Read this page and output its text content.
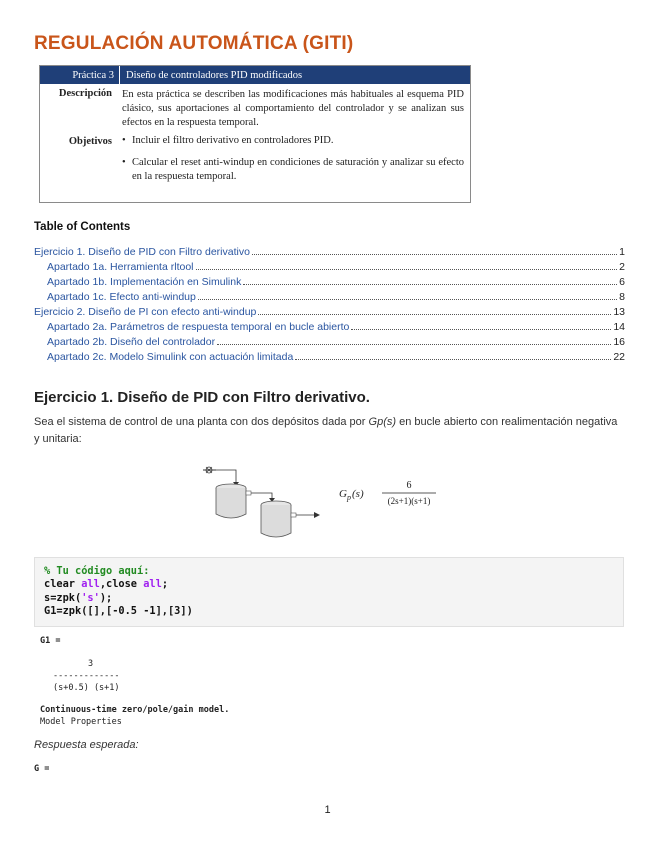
REGULACIÓN AUTOMÁTICA (GITI)
Práctica 3	Diseño de controladores PID modificados
Descripción En esta práctica se describen las modificaciones más habituales al esquema PID clásico, sus aportaciones al comportamiento del controlador y se analizan sus efectos en la respuesta temporal.
Objetivos • Incluir el filtro derivativo en controladores PID.
• Calcular el reset anti-windup en condiciones de saturación y analizar su efecto en la respuesta temporal.
Table of Contents
Ejercicio 1. Diseño de PID con Filtro derivativo	1
Apartado 1a. Herramienta rltool	2
Apartado 1b. Implementación en Simulink	6
Apartado 1c. Efecto anti-windup	8
Ejercicio 2. Diseño de PI con efecto anti-windup	13
Apartado 2a. Parámetros de respuesta temporal en bucle abierto	14
Apartado 2b. Diseño del controlador	16
Apartado 2c. Modelo Simulink con actuación limitada	22
Ejercicio 1. Diseño de PID con Filtro derivativo.
Sea el sistema de control de una planta con dos depósitos dada por Gp(s) en bucle abierto con realimentación negativa y unitaria:
G p (s)
6
(2s+1)(s+1)
% Tu código aquí:
clear all,close all;
s=zpk('s');
G1=zpk([],[-0.5 -1],[3])
G1 =
3
-------------
(s+0.5) (s+1)
Continuous-time zero/pole/gain model.
Model Properties
Respuesta esperada:
G =
1
